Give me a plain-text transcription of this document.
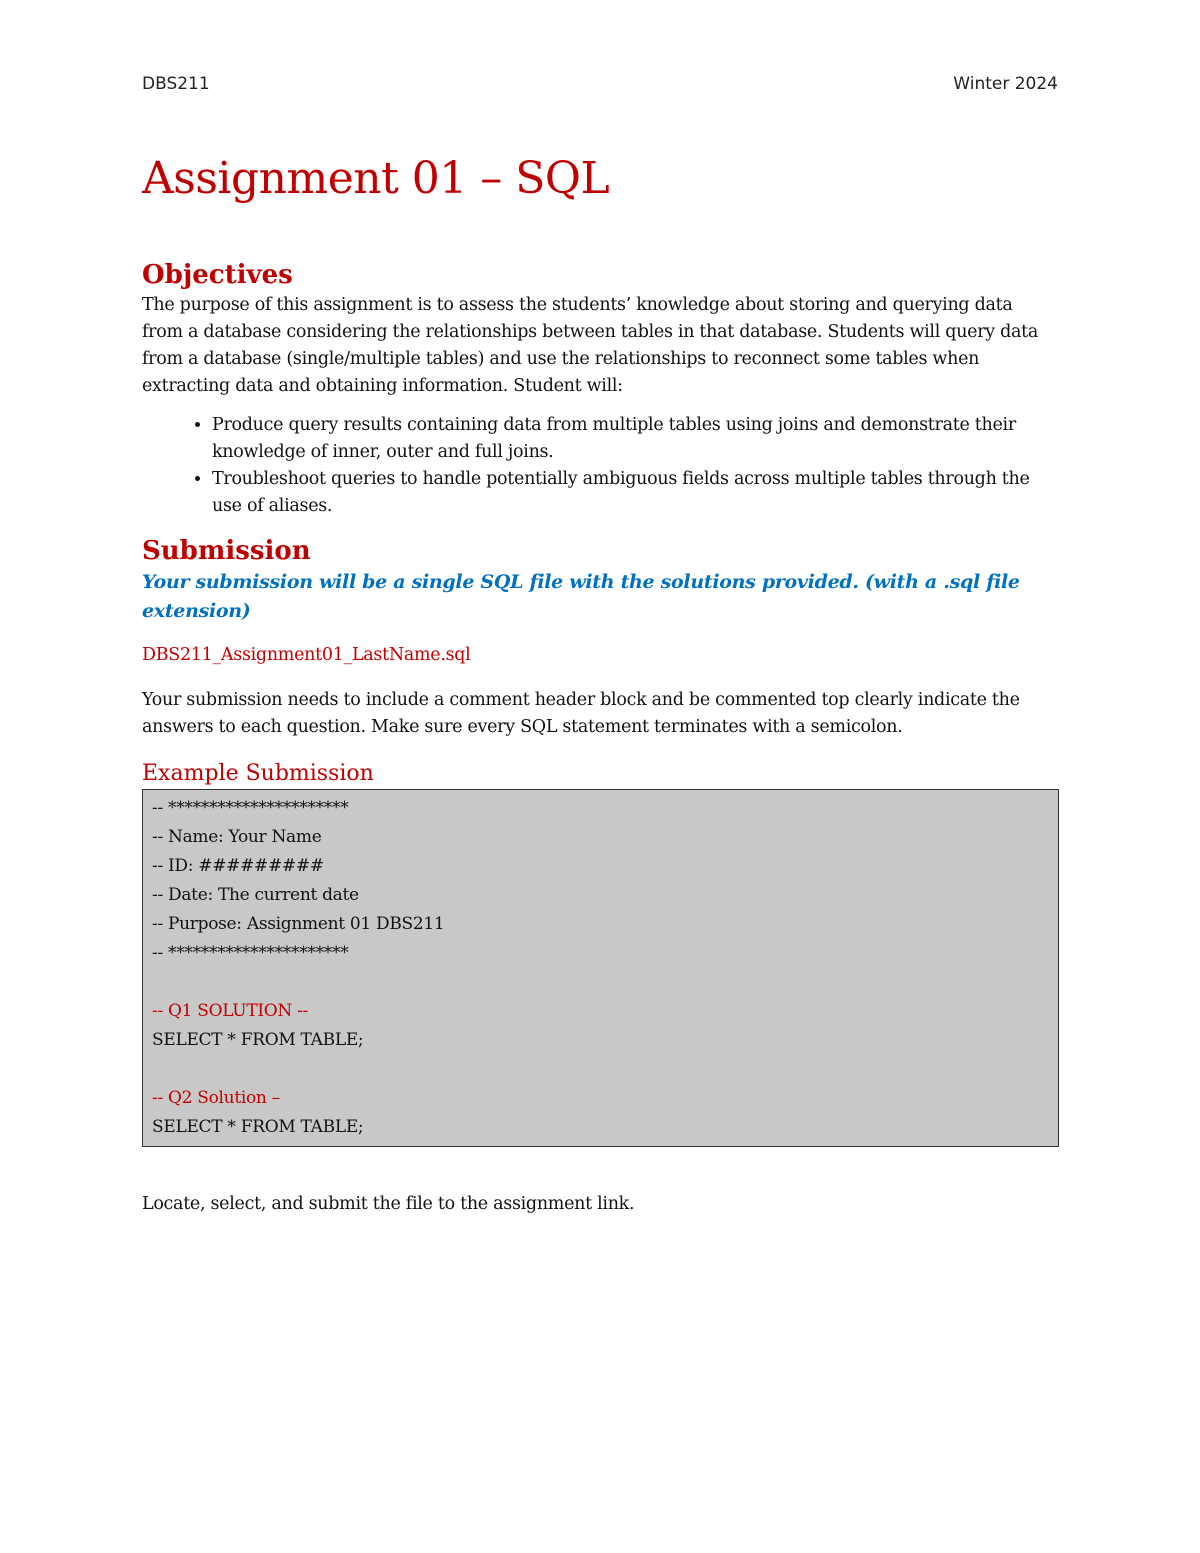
DBS211	Winter 2024
Assignment 01 – SQL
Objectives

The purpose of this assignment is to assess the students’ knowledge about storing and querying data from a database considering the relationships between tables in that database. Students will query data from a database (single/multiple tables) and use the relationships to reconnect some tables when extracting data and obtaining information. Student will:

• Produce query results containing data from multiple tables using joins and demonstrate their knowledge of inner, outer and full joins.
• Troubleshoot queries to handle potentially ambiguous fields across multiple tables through the use of aliases.
Submission

Your submission will be a single SQL file with the solutions provided. (with a .sql file extension)

DBS211_Assignment01_LastName.sql

Your submission needs to include a comment header block and be commented top clearly indicate the answers to each question. Make sure every SQL statement terminates with a semicolon.

Example Submission
-- **********************
-- Name: Your Name
-- ID: #########
-- Date: The current date
-- Purpose: Assignment 01 DBS211
-- **********************
-- Q1 SOLUTION --
SELECT * FROM TABLE;
-- Q2 Solution –
SELECT * FROM TABLE;

Locate, select, and submit the file to the assignment link.
